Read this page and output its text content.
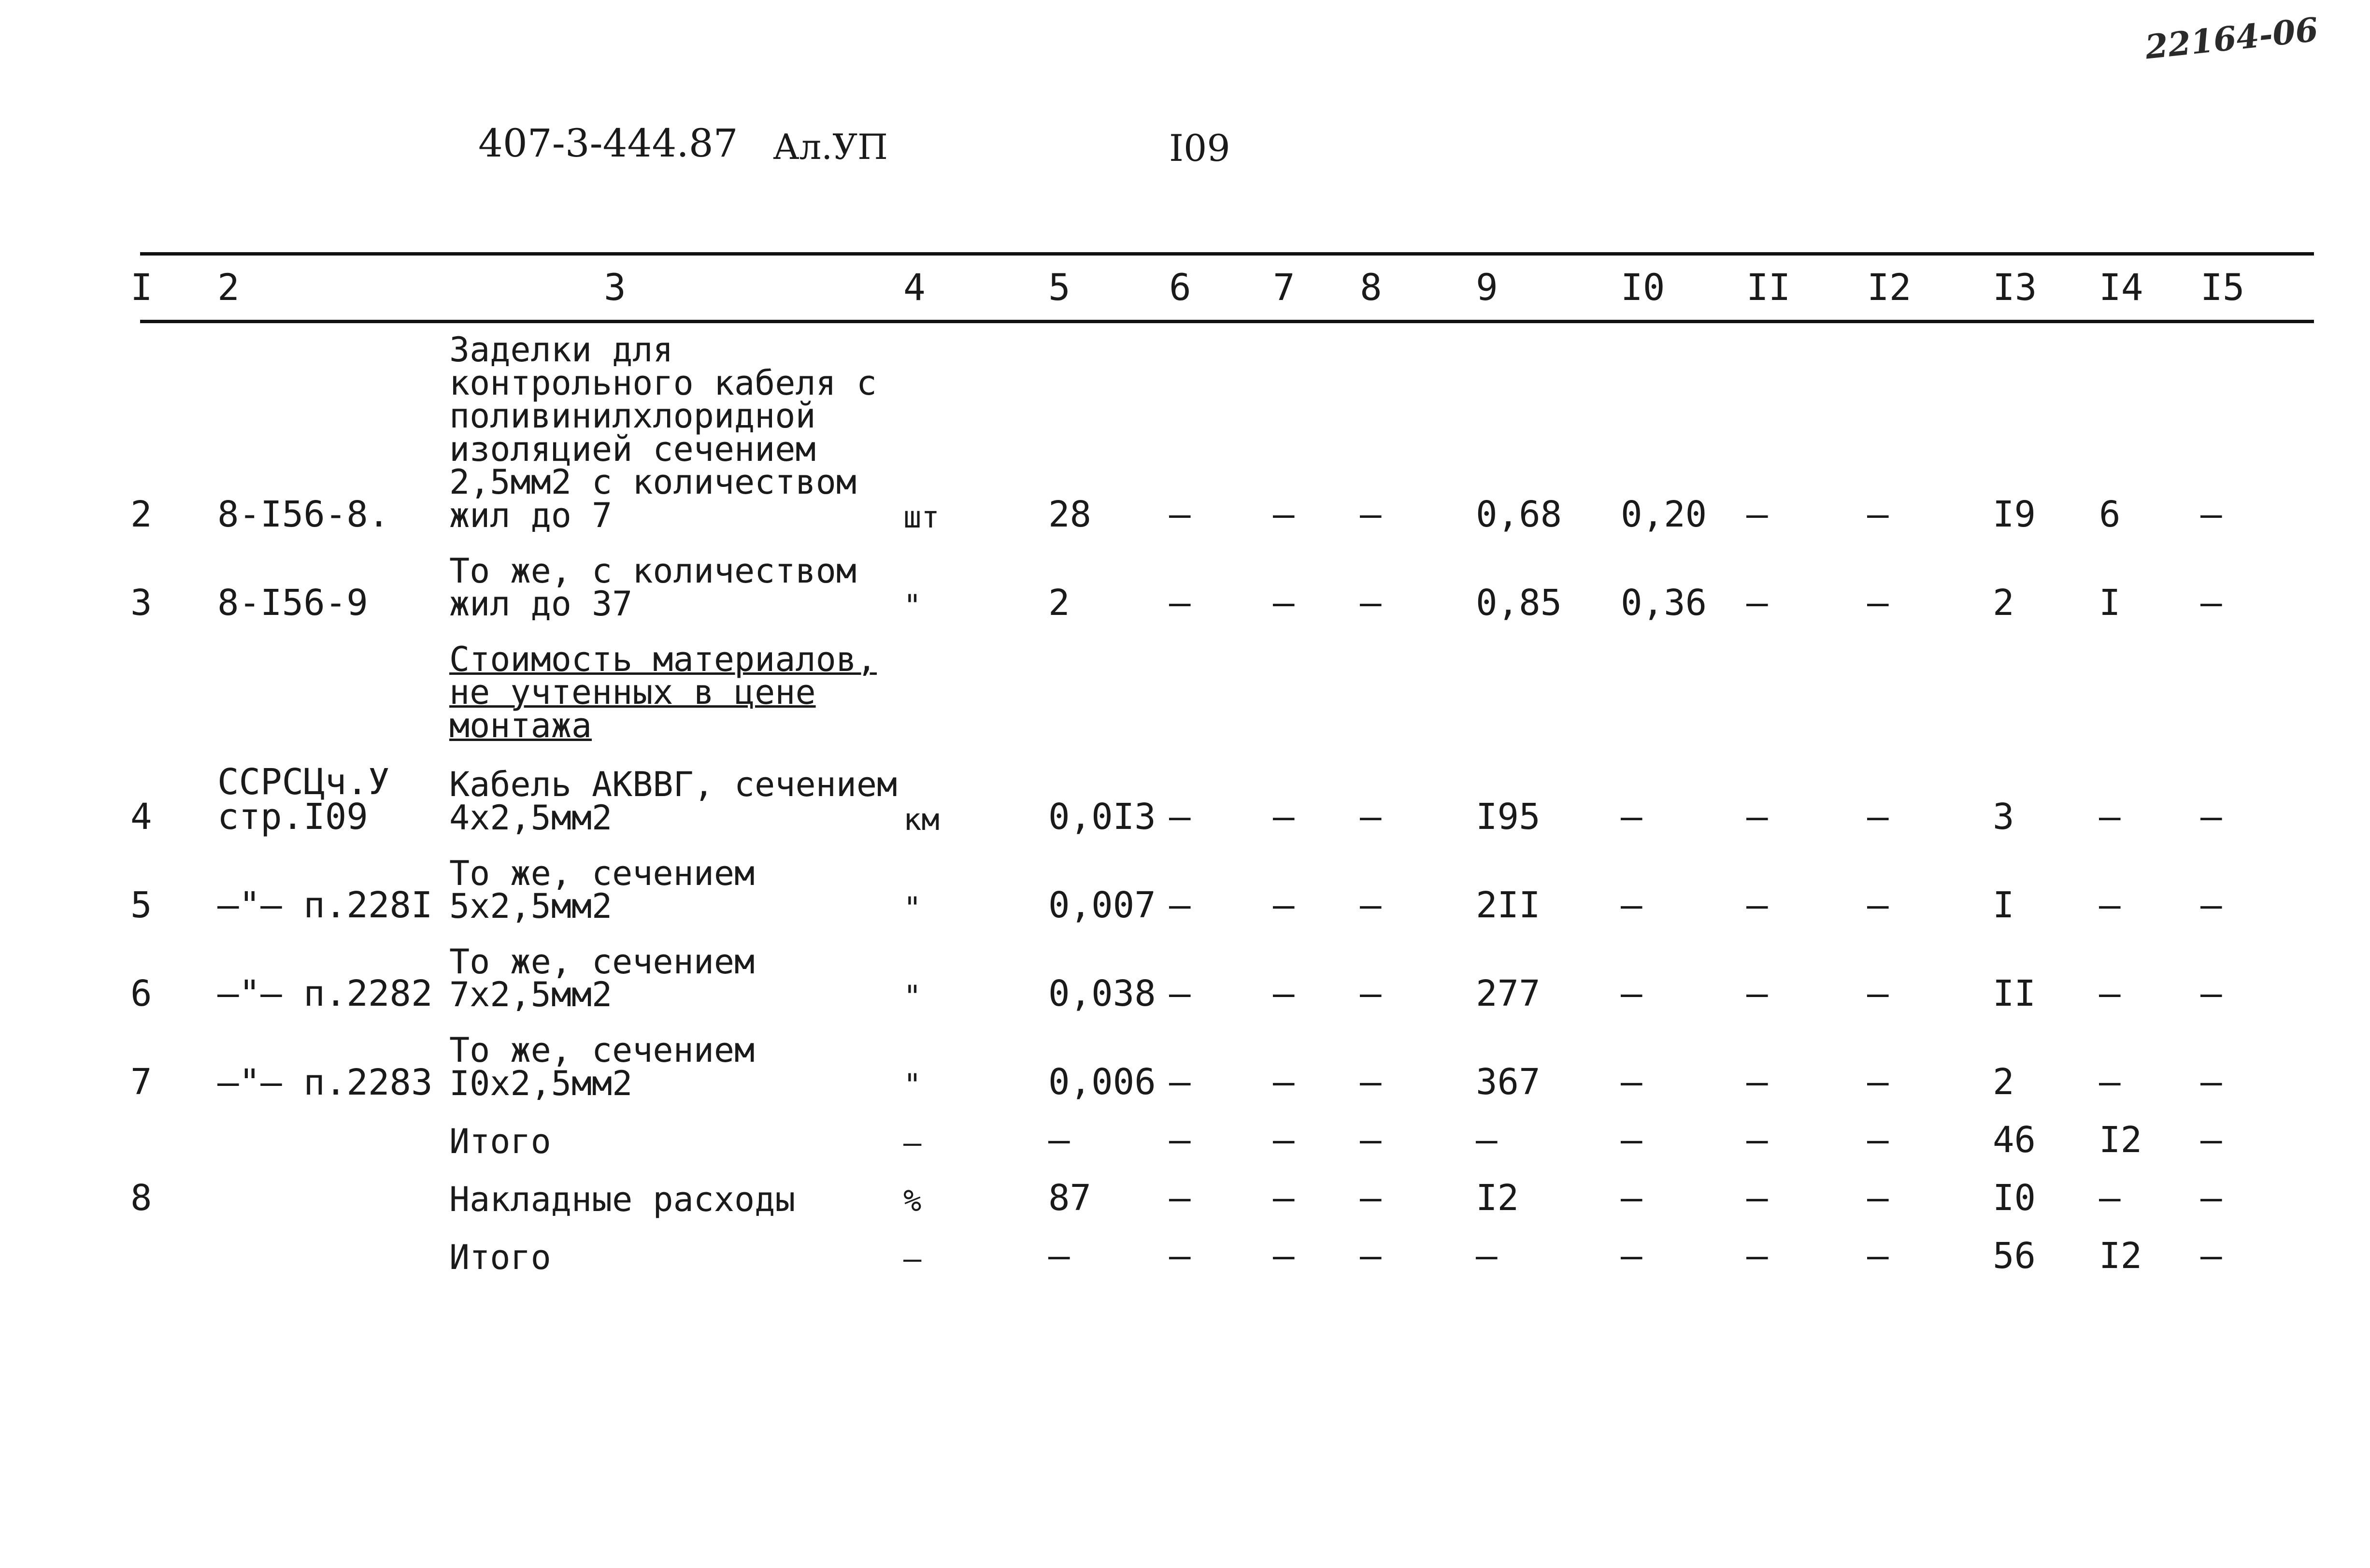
22164-06
407-3-444.87 Ал.УП	I09
I	2	3	4	5	6	7	8	9	I0	II	I2	I3	I4	I5
2	8-I56-8.	Заделки для контрольного кабеля с поливинилхлоридной изоляцией сечением 2,5мм2 с количеством жил до 7	шт	28	–	–	–	0,68	0,20	–	–	I9	6	–
3	8-I56-9	То же, с количеством жил до 37	"	2	–	–	–	0,85	0,36	–	–	2	I	–
		Стоимость материалов, не учтенных в цене монтажа												
4	ССРСЦч.У стр.I09	Кабель АКВВГ, сечением 4х2,5мм2	км	0,0I3	–	–	–	I95	–	–	–	3	–	–
5	–"– п.228I	То же, сечением 5х2,5мм2	"	0,007	–	–	–	2II	–	–	–	I	–	–
6	–"– п.2282	То же, сечением 7х2,5мм2	"	0,038	–	–	–	277	–	–	–	II	–	–
7	–"– п.2283	То же, сечением I0х2,5мм2	"	0,006	–	–	–	367	–	–	–	2	–	–
		Итого	–	–	–	–	–	–	–	–	–	46	I2	–
8		Накладные расходы	%	87	–	–	–	I2	–	–	–	I0	–	–
		Итого	–	–	–	–	–	–	–	–	–	56	I2	–
